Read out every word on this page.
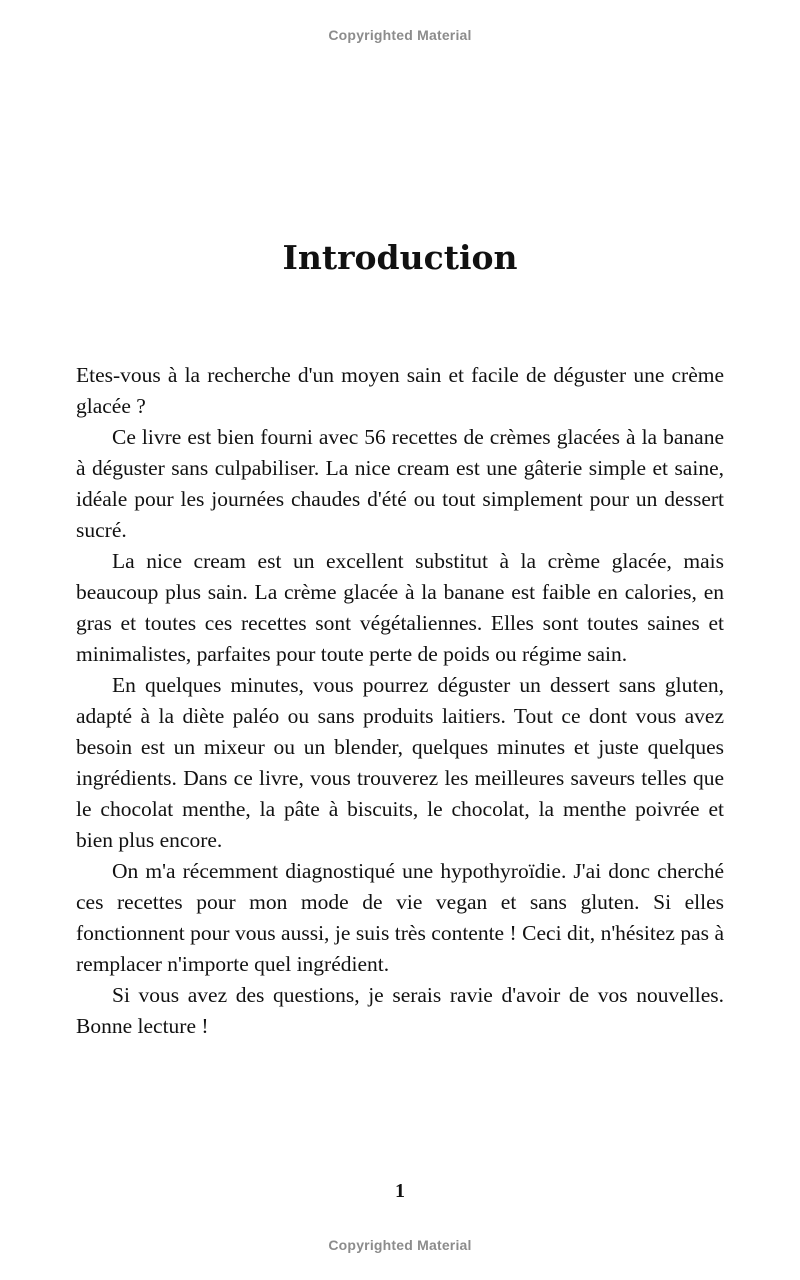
Copyrighted Material
Introduction

Etes-vous à la recherche d'un moyen sain et facile de déguster une crème glacée ?

Ce livre est bien fourni avec 56 recettes de crèmes glacées à la banane à déguster sans culpabiliser. La nice cream est une gâterie simple et saine, idéale pour les journées chaudes d'été ou tout simplement pour un dessert sucré.

La nice cream est un excellent substitut à la crème glacée, mais beaucoup plus sain. La crème glacée à la banane est faible en calories, en gras et toutes ces recettes sont végétaliennes. Elles sont toutes saines et minimalistes, parfaites pour toute perte de poids ou régime sain.

En quelques minutes, vous pourrez déguster un dessert sans gluten, adapté à la diète paléo ou sans produits laitiers. Tout ce dont vous avez besoin est un mixeur ou un blender, quelques minutes et juste quelques ingrédients. Dans ce livre, vous trouverez les meilleures saveurs telles que le chocolat menthe, la pâte à biscuits, le chocolat, la menthe poivrée et bien plus encore.

On m'a récemment diagnostiqué une hypothyroïdie. J'ai donc cherché ces recettes pour mon mode de vie vegan et sans gluten. Si elles fonctionnent pour vous aussi, je suis très contente ! Ceci dit, n'hésitez pas à remplacer n'importe quel ingrédient.

Si vous avez des questions, je serais ravie d'avoir de vos nouvelles. Bonne lecture !

1
Copyrighted Material
